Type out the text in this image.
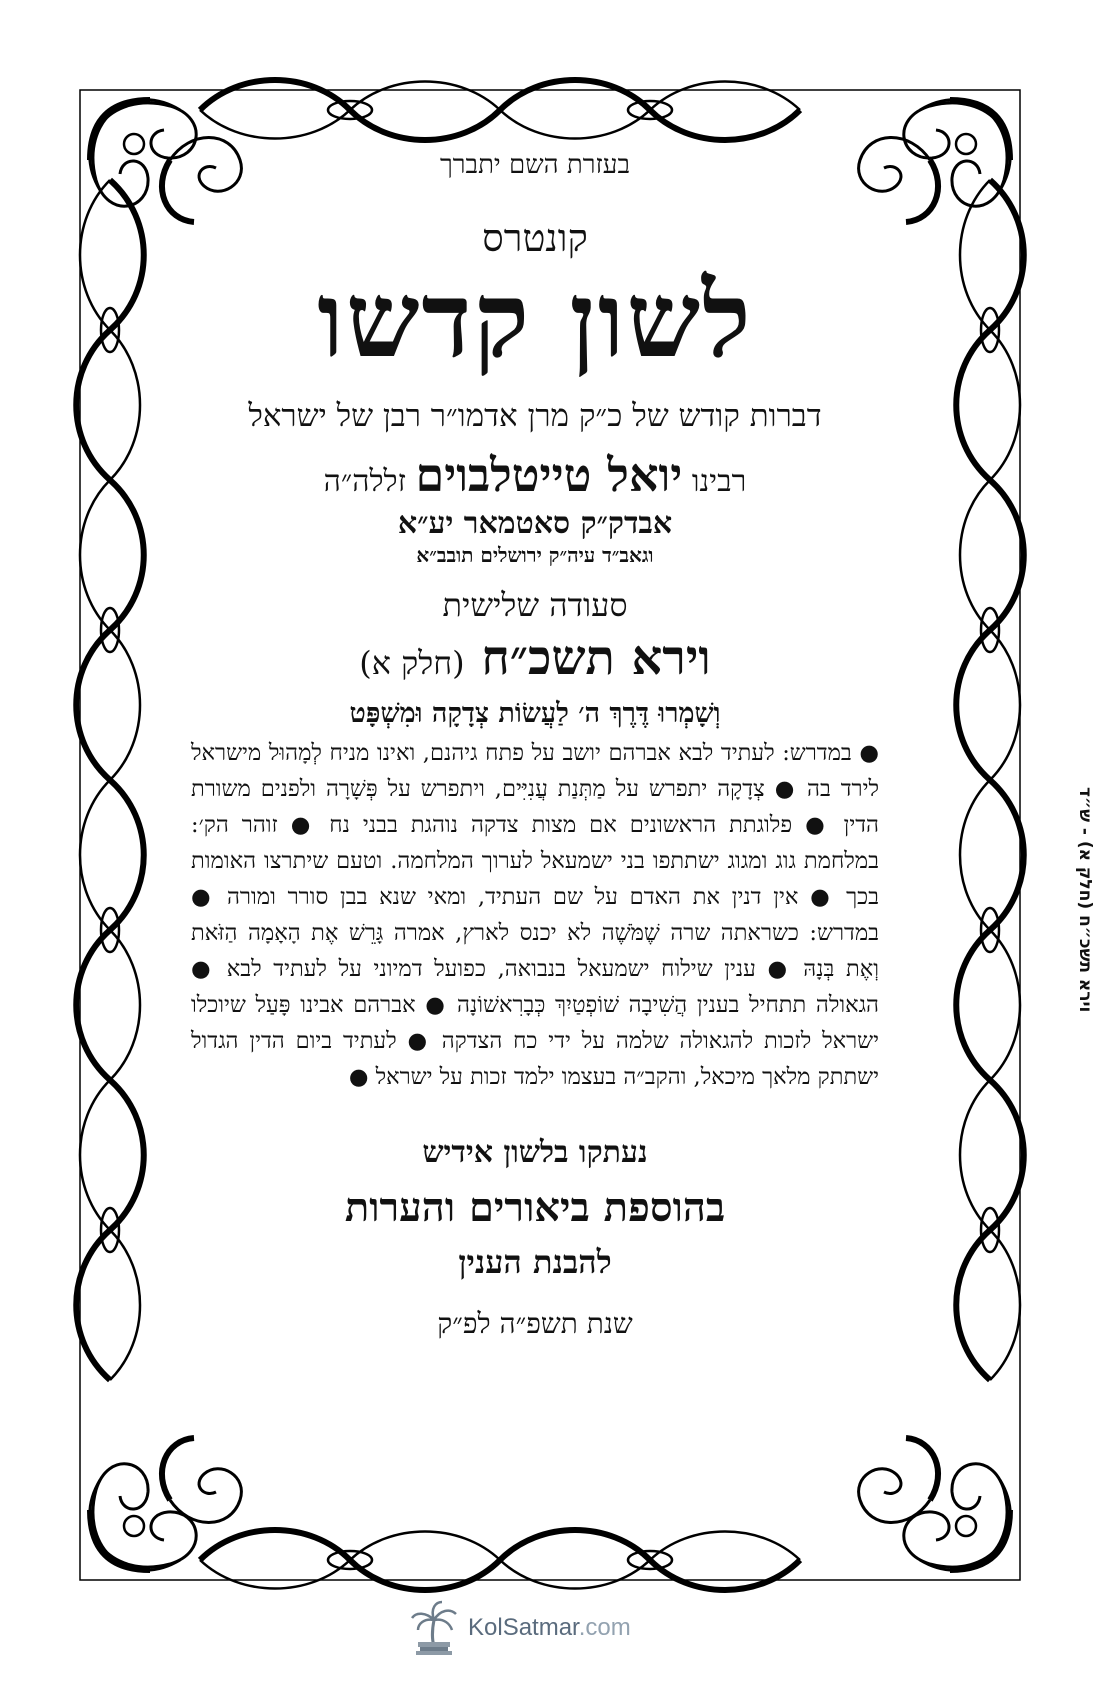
בעזרת השם יתברך
קונטרס
לשון קדשו
דברות קודש של כ״ק מרן אדמו״ר רבן של ישראל
רבינו יואל טייטלבוים זללה״ה
אבדק״ק סאטמאר יע״א
וגאב״ד עיה״ק ירושלים תובב״א
סעודה שלישית
וירא תשכ״ח (חלק א)
וְשָׁמְרוּ דֶּרֶךְ ה׳ לַעֲשׂוֹת צְדָקָה וּמִשְׁפָּט
● במדרש: לעתיד לבא אברהם יושב על פתח גיהנם, ואינו מניח לְמָהוּל מישראל לירד בה ● צְדָקָה יתפרש על מַתְּנַת עֲנִיִּים, ויתפרש על פְּשָׁרָה ולפנים משורת הדין ● פלוגתת הראשונים אם מצות צדקה נוהגת בבני נח ● זוהר הק׳: במלחמת גוג ומגוג ישתתפו בני ישמעאל לערוך המלחמה. וטעם שיתרצו האומות בכך ● אין דנין את האדם על שם העתיד, ומאי שנא בבן סורר ומורה ● במדרש: כשראתה שרה שֶׁמֹּשֶׁה לא יכנס לארץ, אמרה גָּרֵשׁ אֶת הָאָמָה הַזֹּאת וְאֶת בְּנָהּ ● ענין שילוח ישמעאל בנבואה, כפועל דמיוני על לעתיד לבא ● הגאולה תתחיל בענין הֲשִׁיבָה שׁוֹפְטַיִךְ כְּבָרִאשׁוֹנָה ● אברהם אבינו פָּעַל שיוכלו ישראל לזכות להגאולה שלמה על ידי כח הצדקה ● לעתיד ביום הדין הגדול ישתתק מלאך מיכאל, והקב״ה בעצמו ילמד זכות על ישראל ●
נעתקו בלשון אידיש
בהוספת ביאורים והערות
להבנת הענין
שנת תשפ״ה לפ״ק
וירא תשכ״ח (חלק א) - ש״ד
KolSatmar.com
